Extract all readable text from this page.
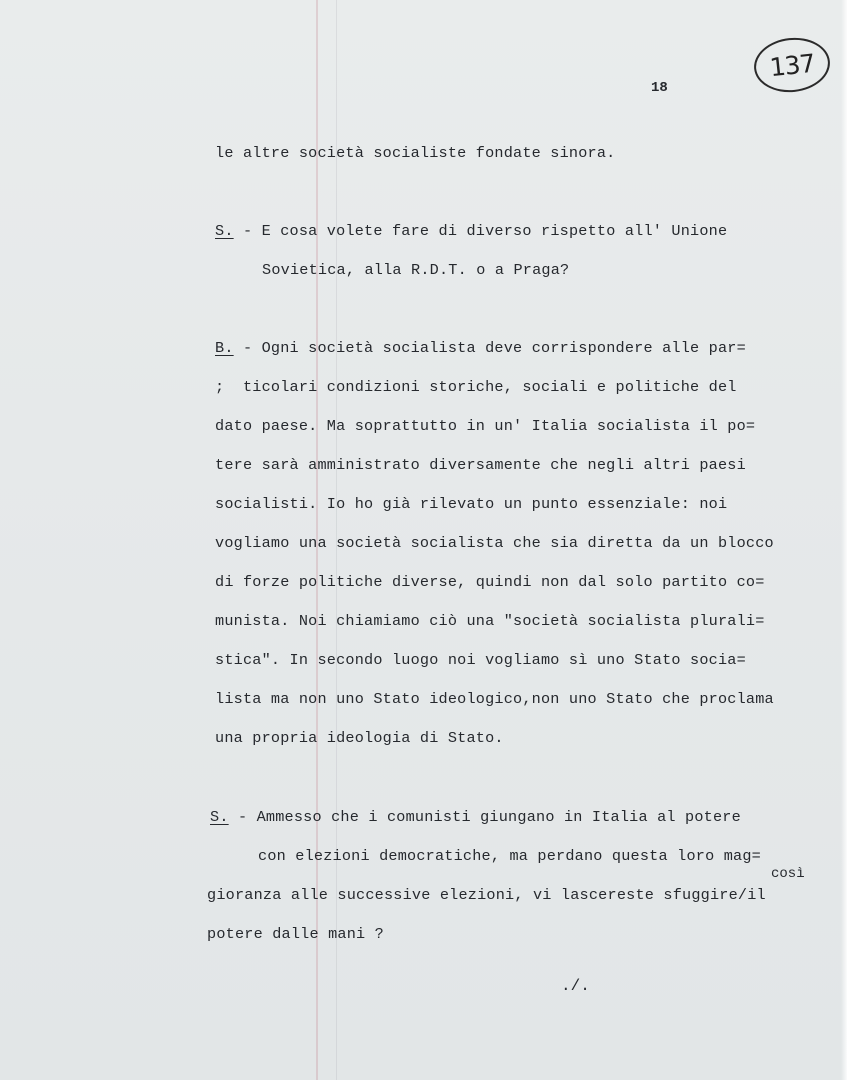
137
18
le altre società socialiste fondate sinora.
S. - E cosa volete fare di diverso rispetto all' Unione
Sovietica, alla R.D.T. o a Praga?
B. - Ogni società socialista deve corrispondere alle par=
;  ticolari condizioni storiche, sociali e politiche del
dato paese. Ma soprattutto in un' Italia socialista il po=
tere sarà amministrato diversamente che negli altri paesi
socialisti. Io ho già rilevato un punto essenziale: noi
vogliamo una società socialista che sia diretta da un blocco
di forze politiche diverse, quindi non dal solo partito co=
munista. Noi chiamiamo ciò una "società socialista plurali=
stica". In secondo luogo noi vogliamo sì uno Stato socia=
lista ma non uno Stato ideologico,non uno Stato che proclama
una propria ideologia di Stato.
S. - Ammesso che i comunisti giungano in Italia al potere
con elezioni democratiche, ma perdano questa loro mag=
così
gioranza alle successive elezioni, vi lascereste sfuggire/il
potere dalle mani ?
./.
